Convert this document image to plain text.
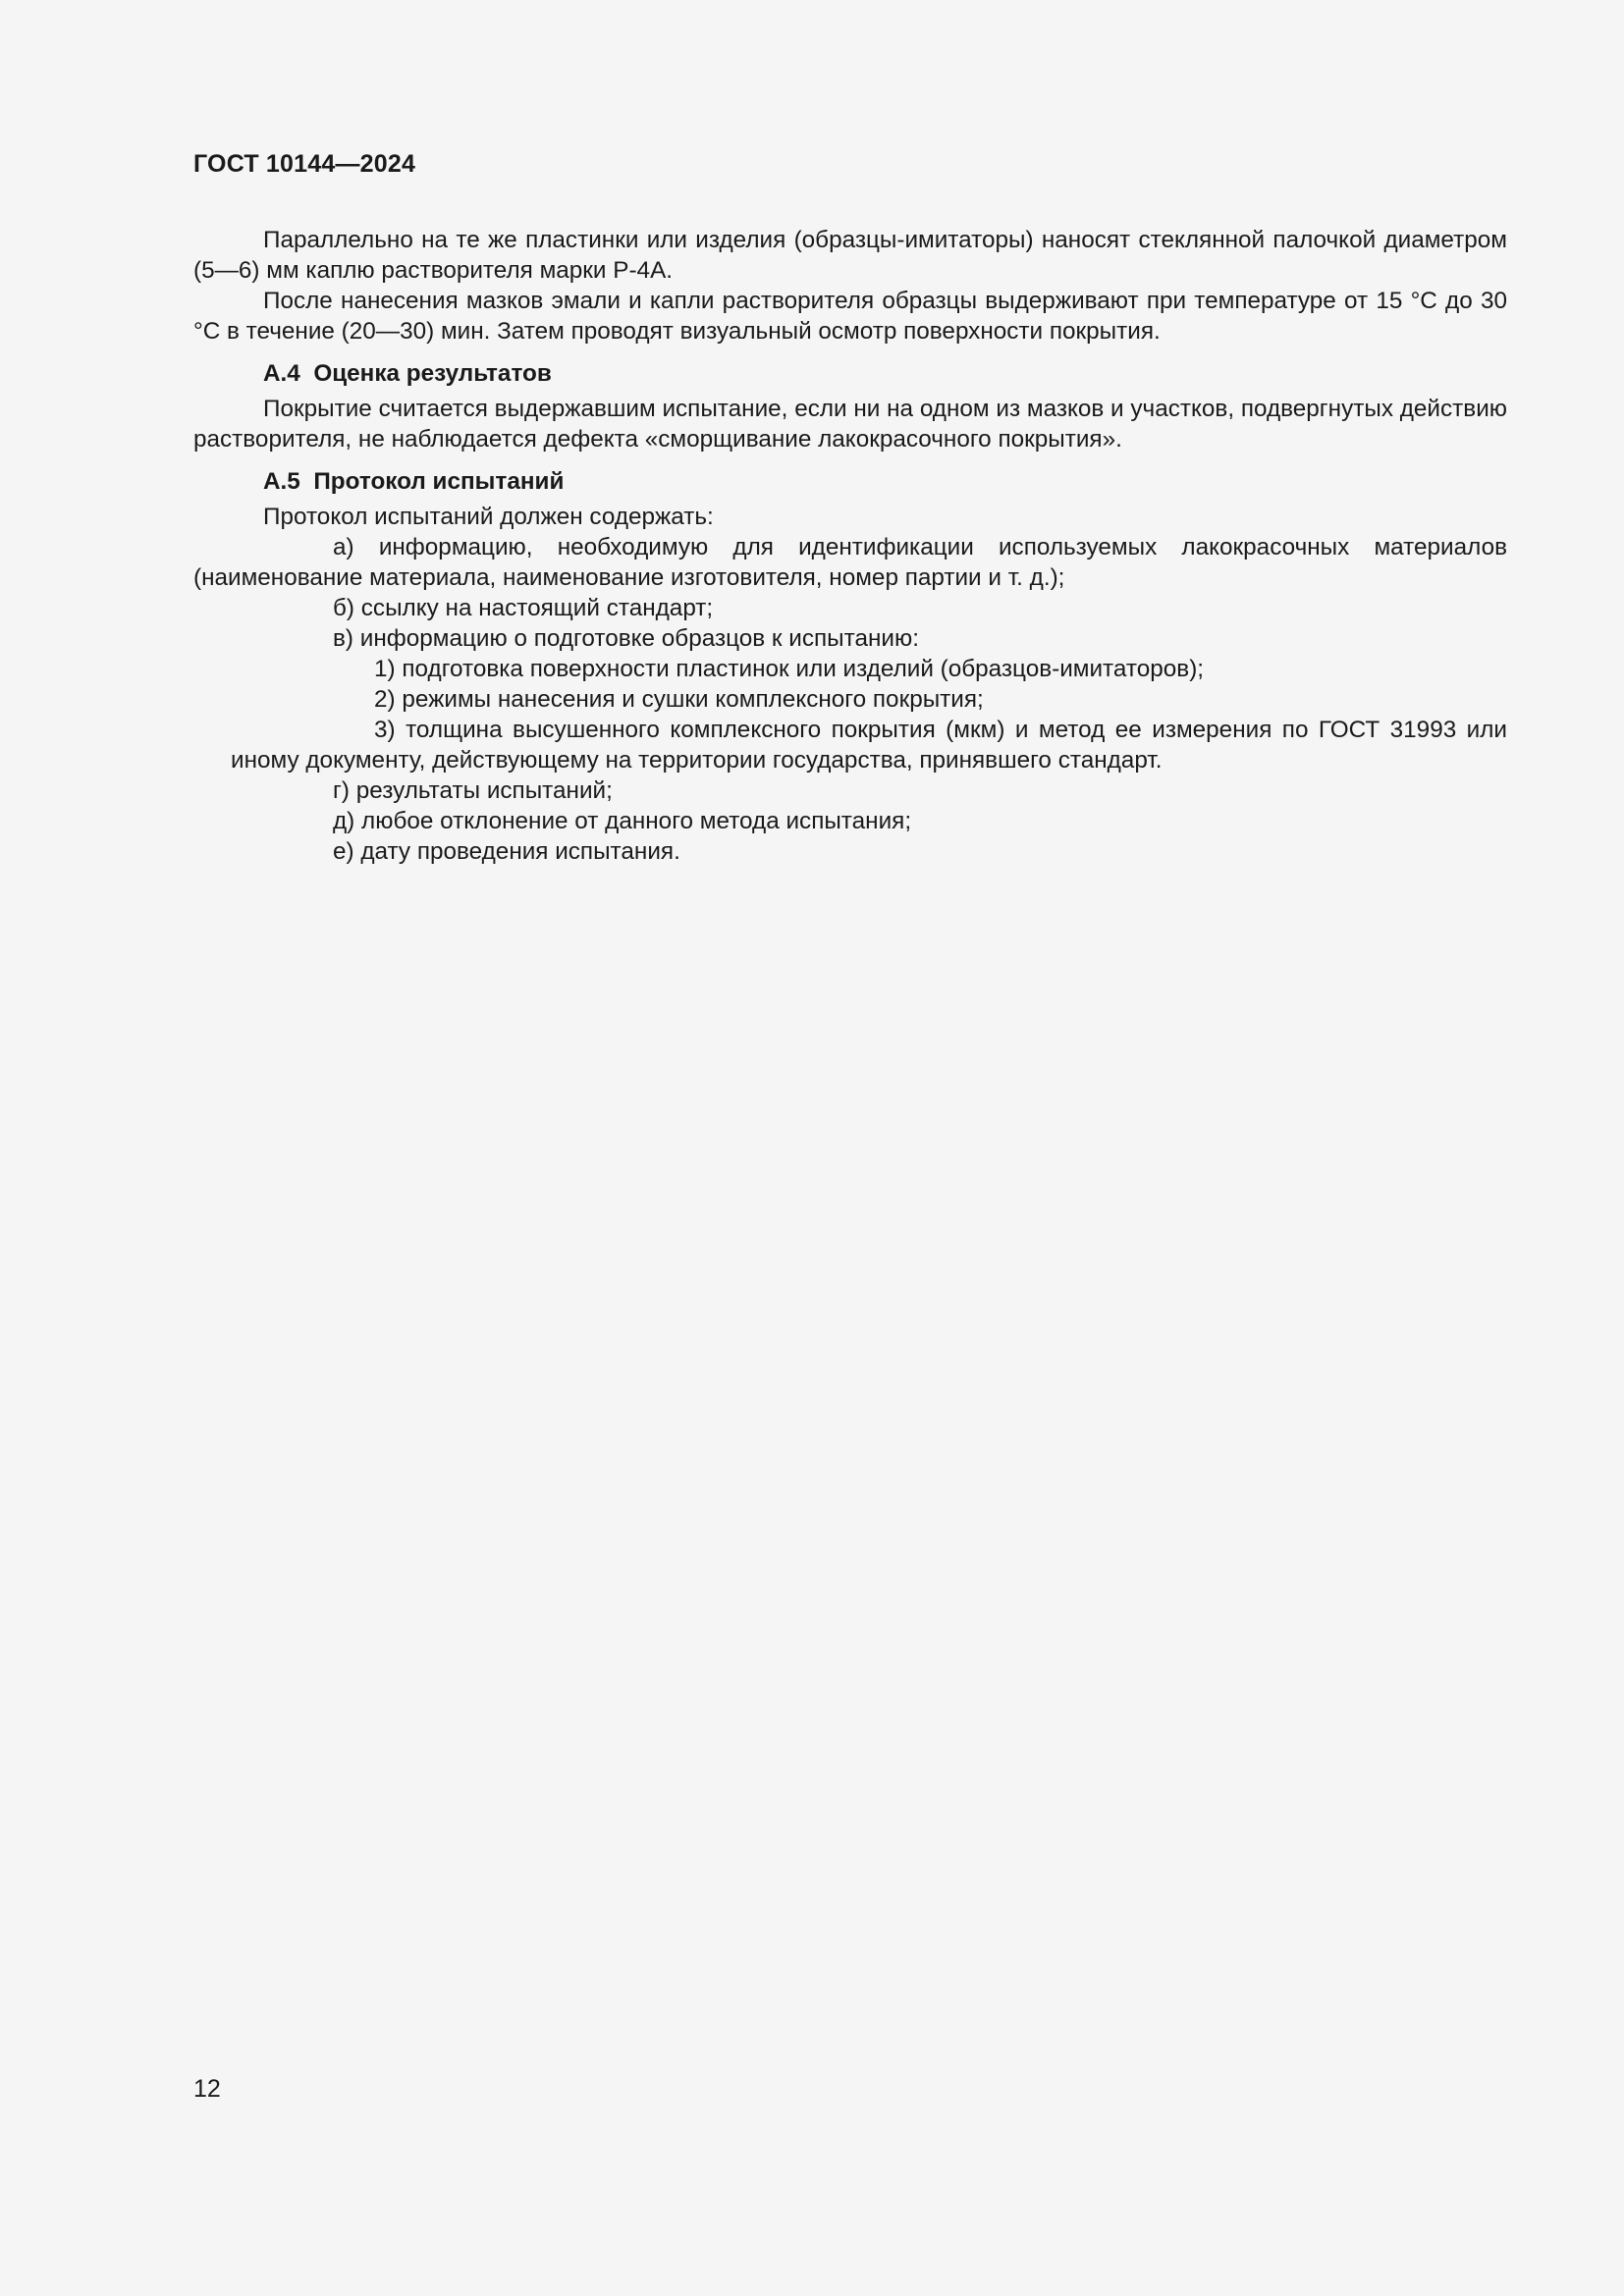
ГОСТ 10144—2024

Параллельно на те же пластинки или изделия (образцы-имитаторы) наносят стеклянной палочкой диаметром (5—6) мм каплю растворителя марки Р-4А.

После нанесения мазков эмали и капли растворителя образцы выдерживают при температуре от 15 °С до 30 °С в течение (20—30) мин. Затем проводят визуальный осмотр поверхности покрытия.

А.4 Оценка результатов

Покрытие считается выдержавшим испытание, если ни на одном из мазков и участков, подвергнутых действию растворителя, не наблюдается дефекта «сморщивание лакокрасочного покрытия».

А.5 Протокол испытаний

Протокол испытаний должен содержать:

а) информацию, необходимую для идентификации используемых лакокрасочных материалов (наименование материала, наименование изготовителя, номер партии и т. д.);

б) ссылку на настоящий стандарт;

в) информацию о подготовке образцов к испытанию:

1) подготовка поверхности пластинок или изделий (образцов-имитаторов);

2) режимы нанесения и сушки комплексного покрытия;

3) толщина высушенного комплексного покрытия (мкм) и метод ее измерения по ГОСТ 31993 или иному документу, действующему на территории государства, принявшего стандарт.

г) результаты испытаний;

д) любое отклонение от данного метода испытания;

е) дату проведения испытания.

12
